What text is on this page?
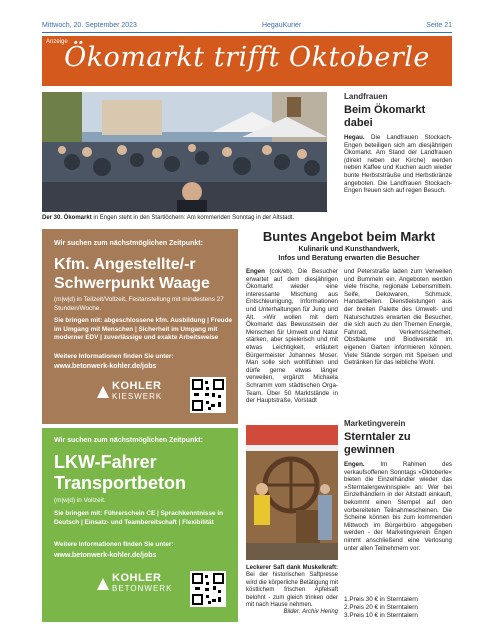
Mittwoch, 20. September 2023	HegauKurier	Seite 21
Anzeige
Ökomarkt trifft Oktoberle
Der 30. Ökomarkt in Engen steht in den Startlöchern: Am kommenden Sonntag in der Altstadt.
Landfrauen
Beim Ökomarkt dabei
Hegau. Die Landfrauen Stockach-Engen beteiligen sich am diesjährigen Ökomarkt. Am Stand der Landfrauen (direkt neben der Kirche) werden neben Kaffee und Kuchen auch wieder bunte Herbststräuße und Herbstkränze angeboten. Die Landfrauen Stockach-Engen freuen sich auf regen Besuch.
Wir suchen zum nächstmöglichen Zeitpunkt:
Kfm. Angestellte/-r
Schwerpunkt Waage
(m|w|d) in Teilzeit/Vollzeit, Festanstellung mit mindestens 27 Stunden/Woche.
Sie bringen mit: abgeschlossene kfm. Ausbildung | Freude im Umgang mit Menschen | Sicherheit im Umgang mit moderner EDV | zuverlässige und exakte Arbeitsweise
Weitere Informationen finden Sie unter:
www.betonwerk-kohler.de/jobs
KOHLER
KIESWERK
Wir suchen zum nächstmöglichen Zeitpunkt:
LKW-Fahrer
Transportbeton
(m|w|d) in Vollzeit.
Sie bringen mit: Führerschein CE | Sprachkenntnisse in Deutsch | Einsatz- und Teambereitschaft | Flexibilität
Weitere Informationen finden Sie unter:
www.betonwerk-kohler.de/jobs
KOHLER
BETONWERK
Buntes Angebot beim Markt
Kulinarik und Kunsthandwerk,
Infos und Beratung erwarten die Besucher
Engen (cok/eb). Die Besucher erwartet auf dem diesjährigen Ökomarkt wieder eine interessante Mischung aus Entschleunigung, Informationen und Unterhaltungen für Jung und Alt. »Wir wollen mit dem Ökomarkt das Bewusstsein der Menschen für Umwelt und Natur stärken, aber spielerisch und mit etwas Leichtigkeit, erläutert Bürgermeister Johannes Moser. Man solle sich wohlfühlen und dürfe gerne etwas länger verweilen, ergänzt Michaela Schramm vom städtischen Orga-Team. Über 50 Marktstände in der Hauptstraße, Vorstadt
und Peterstraße laden zum Verweilen und Bummeln ein. Angeboten werden viele frische, regionale Lebensmitteln. Seife, Dekowaren, Schmuck, Handarbeiten. Dienstleistungen aus der breiten Palette des Umwelt- und Naturschutzes erwarten die Besucher, die sich auch zu den Themen Energie, Fahrrad, Verkehrssicherheit, Obstbäume und Biodiversität im eigenen Garten informieren können. Viele Stände sorgen mit Speisen und Getränken für das leibliche Wohl.
Leckerer Saft dank Muskelkraft: Bei der historischen Saftpresse wird die körperliche Betätigung mit köstlichem frischen Apfelsaft belohnt - zum gleich trinken oder mit nach Hause nehmen.
Bilder: Archiv Hering
Marketingverein
Sterntaler zu gewinnen
Engen. Im Rahmen des verkaufsoffenen Sonntags »Oktoberle« bieten die Einzelhändler wieder das »Sterntalergewinnspiel« an: Wer bei Einzelhändlern in der Altstadt einkauft, bekommt einen Stempel auf den vorbereiteten Teilnahmescheinen. Die Scheine können bis zum kommenden Mittwoch im Bürgerbüro abgegeben werden - der Marketingverein Engen nimmt anschließend eine Verlosung unter allen Teilnehmern vor:
1.Preis 30 € in Sterntalern
2.Preis 20 € in Sterntalern
3.Preis 10 € in Sterntalern
